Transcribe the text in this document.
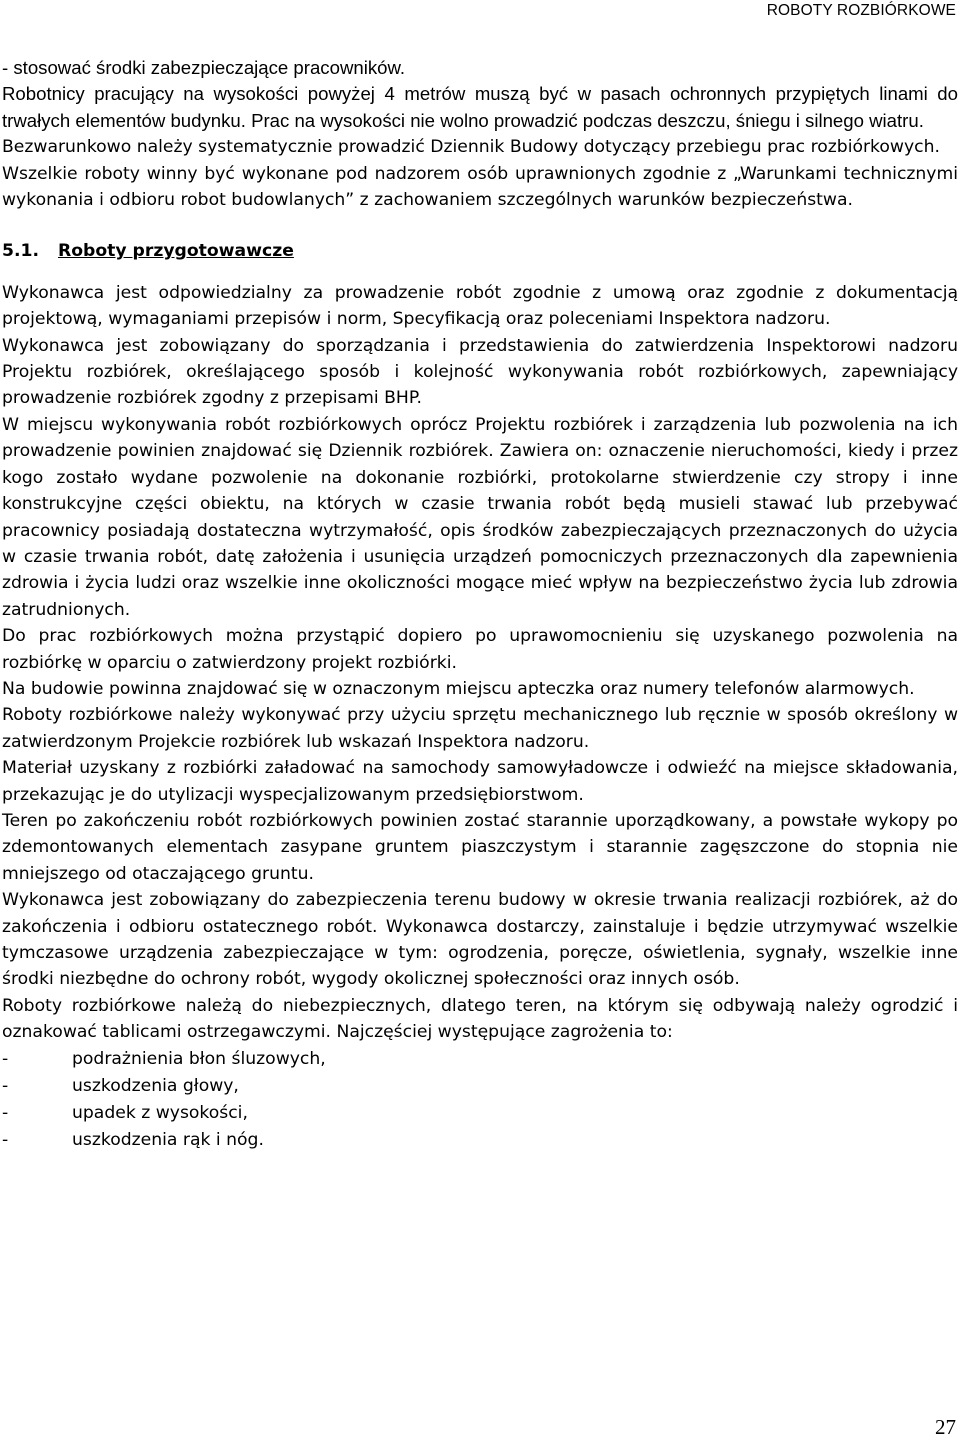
ROBOTY ROZBIÓRKOWE

- stosować środki zabezpieczające pracowników.

Robotnicy pracujący na wysokości powyżej 4 metrów muszą być w pasach ochronnych przypiętych linami do trwałych elementów budynku. Prac na wysokości nie wolno prowadzić podczas deszczu, śniegu i silnego wiatru.

Bezwarunkowo należy systematycznie prowadzić Dziennik Budowy dotyczący przebiegu prac rozbiórkowych.

Wszelkie roboty winny być wykonane pod nadzorem osób uprawnionych zgodnie z „Warunkami technicznymi wykonania i odbioru robot budowlanych” z zachowaniem szczególnych warunków bezpieczeństwa.

5.1. Roboty przygotowawcze

Wykonawca jest odpowiedzialny za prowadzenie robót zgodnie z umową oraz zgodnie z dokumentacją projektową, wymaganiami przepisów i norm, Specyfikacją oraz poleceniami Inspektora nadzoru.

Wykonawca jest zobowiązany do sporządzania i przedstawienia do zatwierdzenia Inspektorowi nadzoru Projektu rozbiórek, określającego sposób i kolejność wykonywania robót rozbiórkowych, zapewniający prowadzenie rozbiórek zgodny z przepisami BHP.

W miejscu wykonywania robót rozbiórkowych oprócz Projektu rozbiórek i zarządzenia lub pozwolenia na ich prowadzenie powinien znajdować się Dziennik rozbiórek. Zawiera on: oznaczenie nieruchomości, kiedy i przez kogo zostało wydane pozwolenie na dokonanie rozbiórki, protokolarne stwierdzenie czy stropy i inne konstrukcyjne części obiektu, na których w czasie trwania robót będą musieli stawać lub przebywać pracownicy posiadają dostateczna wytrzymałość, opis środków zabezpieczających przeznaczonych do użycia w czasie trwania robót, datę założenia i usunięcia urządzeń pomocniczych przeznaczonych dla zapewnienia zdrowia i życia ludzi oraz wszelkie inne okoliczności mogące mieć wpływ na bezpieczeństwo życia lub zdrowia zatrudnionych.

Do prac rozbiórkowych można przystąpić dopiero po uprawomocnieniu się uzyskanego pozwolenia na rozbiórkę w oparciu o zatwierdzony projekt rozbiórki.

Na budowie powinna znajdować się w oznaczonym miejscu apteczka oraz numery telefonów alarmowych.

Roboty rozbiórkowe należy wykonywać przy użyciu sprzętu mechanicznego lub ręcznie w sposób określony w zatwierdzonym Projekcie rozbiórek lub wskazań Inspektora nadzoru.

Materiał uzyskany z rozbiórki załadować na samochody samowyładowcze i odwieźć na miejsce składowania, przekazując je do utylizacji wyspecjalizowanym przedsiębiorstwom.

Teren po zakończeniu robót rozbiórkowych powinien zostać starannie uporządkowany, a powstałe wykopy po zdemontowanych elementach zasypane gruntem piaszczystym i starannie zagęszczone do stopnia nie mniejszego od otaczającego gruntu.

Wykonawca jest zobowiązany do zabezpieczenia terenu budowy w okresie trwania realizacji rozbiórek, aż do zakończenia i odbioru ostatecznego robót. Wykonawca dostarczy, zainstaluje i będzie utrzymywać wszelkie tymczasowe urządzenia zabezpieczające w tym: ogrodzenia, poręcze, oświetlenia, sygnały, wszelkie inne środki niezbędne do ochrony robót, wygody okolicznej społeczności oraz innych osób.

Roboty rozbiórkowe należą do niebezpiecznych, dlatego teren, na którym się odbywają należy ogrodzić i oznakować tablicami ostrzegawczymi. Najczęściej występujące zagrożenia to:

-	podrażnienia błon śluzowych,
-	uszkodzenia głowy,
-	upadek z wysokości,
-	uszkodzenia rąk i nóg.
27
